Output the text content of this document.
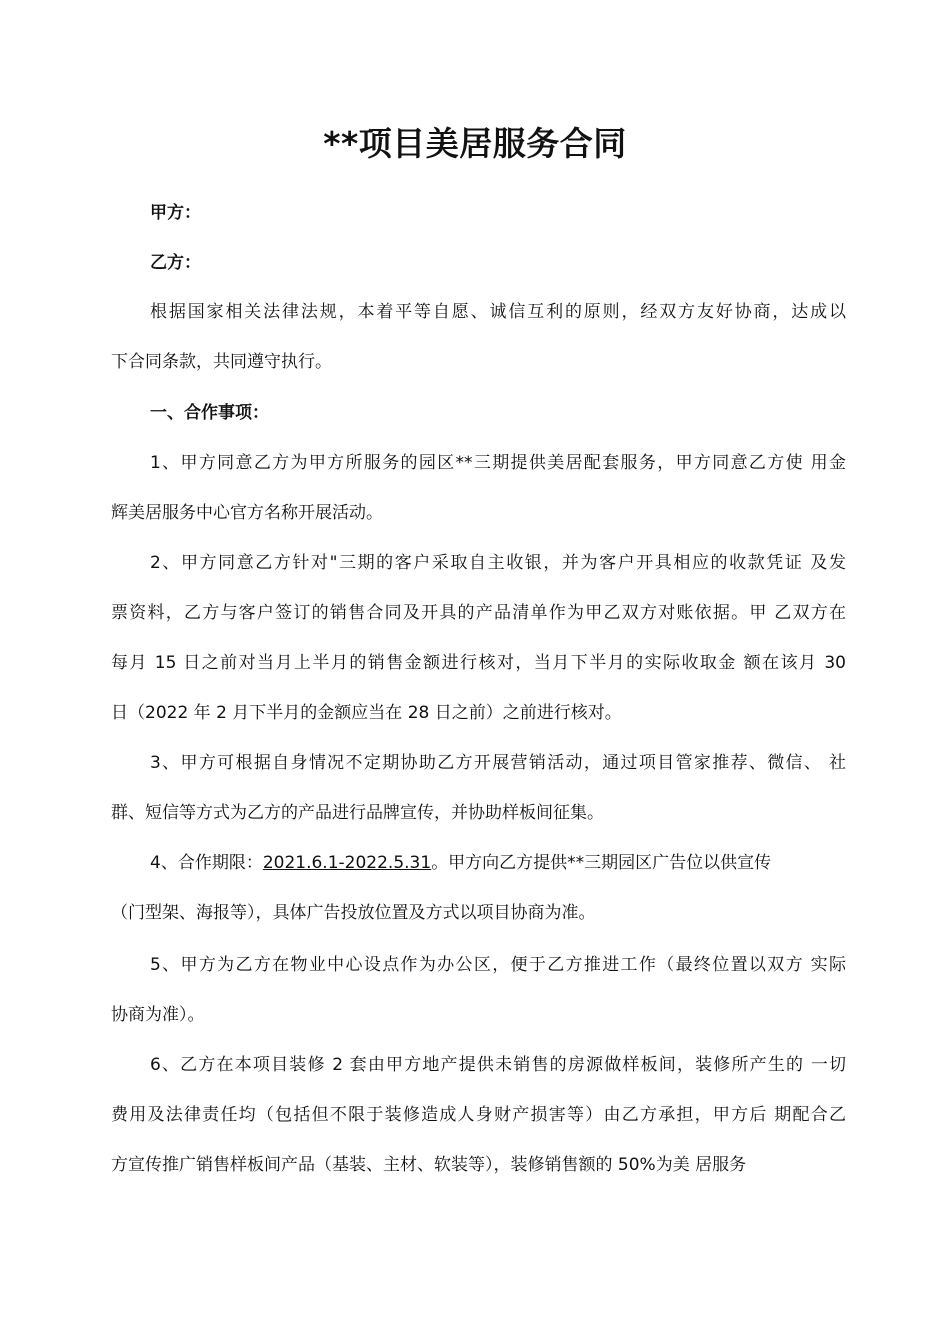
**项目美居服务合同
甲方：
乙方：
根据国家相关法律法规，本着平等自愿、诚信互利的原则，经双方友好协商，达成以
下合同条款，共同遵守执行。
一、合作事项：
1、甲方同意乙方为甲方所服务的园区**三期提供美居配套服务，甲方同意乙方使 用金
辉美居服务中心官方名称开展活动。
2、甲方同意乙方针对"三期的客户采取自主收银，并为客户开具相应的收款凭证 及发
票资料，乙方与客户签订的销售合同及开具的产品清单作为甲乙双方对账依据。甲 乙双方在
每月 15 日之前对当月上半月的销售金额进行核对，当月下半月的实际收取金 额在该月 30
日（2022 年 2 月下半月的金额应当在 28 日之前）之前进行核对。
3、甲方可根据自身情况不定期协助乙方开展营销活动，通过项目管家推荐、微信、 社
群、短信等方式为乙方的产品进行品牌宣传，并协助样板间征集。
4、合作期限：2021.6.1-2022.5.31。甲方向乙方提供**三期园区广告位以供宣传
（门型架、海报等），具体广告投放位置及方式以项目协商为准。
5、甲方为乙方在物业中心设点作为办公区，便于乙方推进工作（最终位置以双方 实际
协商为准）。
6、乙方在本项目装修 2 套由甲方地产提供未销售的房源做样板间，装修所产生的 一切
费用及法律责任均（包括但不限于装修造成人身财产损害等）由乙方承担，甲方后 期配合乙
方宣传推广销售样板间产品（基装、主材、软装等），装修销售额的 50%为美 居服务
